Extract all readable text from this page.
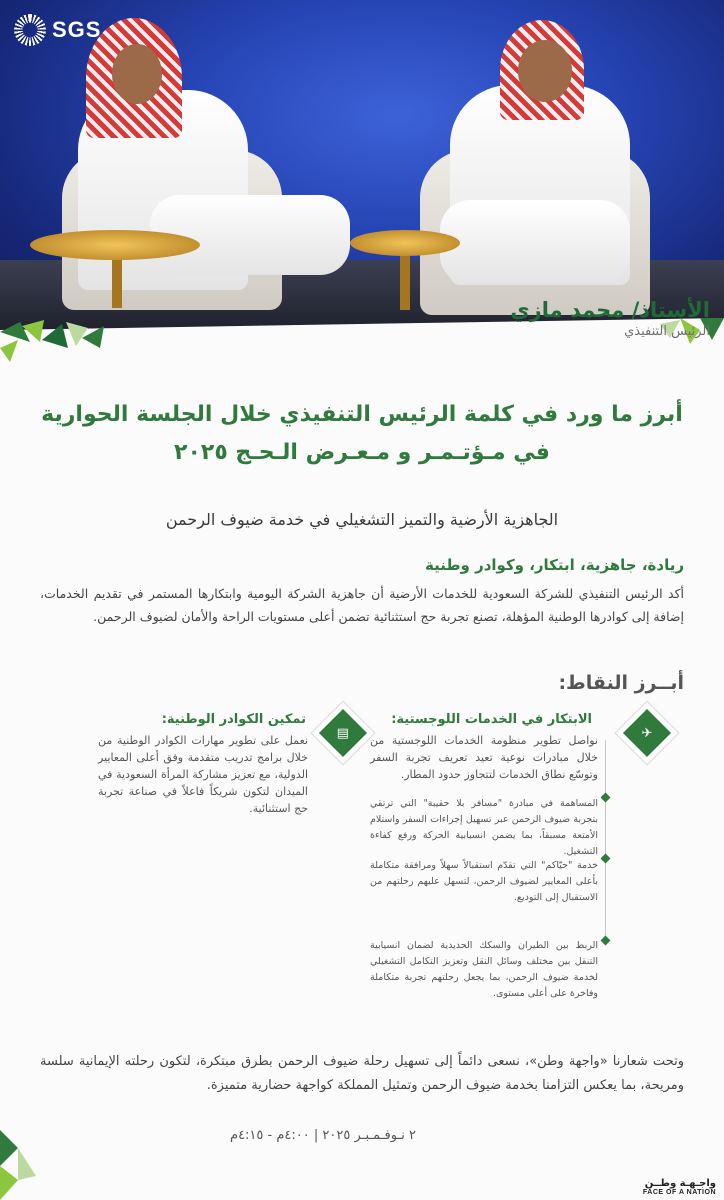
SGS
الأستاذ/ محمد مازي
الرئيس التنفيذي
أبرز ما ورد في كلمة الرئيس التنفيذي خلال الجلسة الحوارية
في مـؤتـمـر و مـعـرض الـحـج ٢٠٢٥
الجاهزية الأرضية والتميز التشغيلي في خدمة ضيوف الرحمن
ريادة، جاهزية، ابتكار، وكوادر وطنية
أكد الرئيس التنفيذي للشركة السعودية للخدمات الأرضية أن جاهزية الشركة اليومية وابتكارها المستمر في تقديم الخدمات، إضافة إلى كوادرها الوطنية المؤهلة، تصنع تجربة حج استثنائية تضمن أعلى مستويات الراحة والأمان لضيوف الرحمن.
أبــرز النقاط:
✈
الابتكار في الخدمات اللوجستية:
نواصل تطوير منظومة الخدمات اللوجستية من خلال مبادرات نوعية تعيد تعريف تجربة السفر وتوسّع نطاق الخدمات لتتجاوز حدود المطار.
المساهمة في مبادرة "مسافر بلا حقيبة" التي ترتقي بتجربة ضيوف الرحمن عبر تسهيل إجراءات السفر واستلام الأمتعة مسبقاً، بما يضمن انسيابية الحركة ورفع كفاءة التشغيل.
خدمة "حيّاكم" التي تقدّم استقبالاً سهلاً ومرافقة متكاملة بأعلى المعايير لضيوف الرحمن، لتسهل عليهم رحلتهم من الاستقبال إلى التوديع.
الربط بين الطيران والسكك الحديدية لضمان انسيابية التنقل بين مختلف وسائل النقل وتعزيز التكامل التشغيلي لخدمة ضيوف الرحمن، بما يجعل رحلتهم تجربة متكاملة وفاخرة على أعلى مستوى.
▤
تمكين الكوادر الوطنية:
نعمل على تطوير مهارات الكوادر الوطنية من خلال برامج تدريب متقدمة وفق أعلى المعايير الدولية، مع تعزيز مشاركة المرأة السعودية في الميدان لتكون شريكاً فاعلاً في صناعة تجربة حج استثنائية.
وتحت شعارنا «واجهة وطن»، نسعى دائماً إلى تسهيل رحلة ضيوف الرحمن بطرق مبتكرة، لتكون رحلته الإيمانية سلسة ومريحة، بما يعكس التزامنا بخدمة ضيوف الرحمن وتمثيل المملكة كواجهة حضارية متميزة.
٢ نـوفـمـبـر ٢٠٢٥ | ٤:٠٠م - ٤:١٥م
واجـهـة وطــن
FACE OF A NATION
